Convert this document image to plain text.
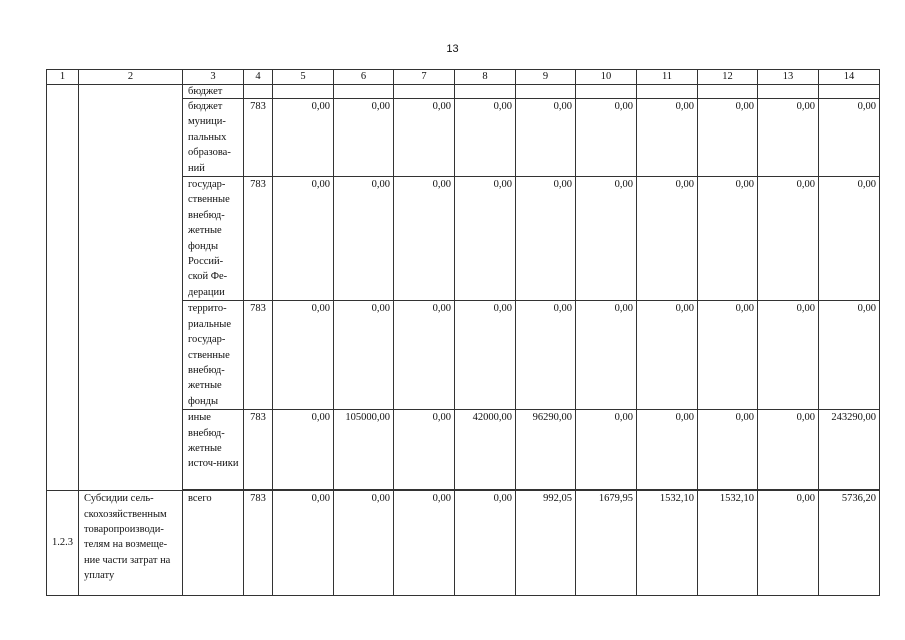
13
1	2	3	4	5	6	7	8	9	10	11	12	13	14
		бюджет											
		бюджет муници-пальных образова-ний	783	0,00	0,00	0,00	0,00	0,00	0,00	0,00	0,00	0,00	0,00
		государ-ственные внебюд-жетные фонды Россий-ской Фе-дерации	783	0,00	0,00	0,00	0,00	0,00	0,00	0,00	0,00	0,00	0,00
		террито-риальные государ-ственные внебюд-жетные фонды	783	0,00	0,00	0,00	0,00	0,00	0,00	0,00	0,00	0,00	0,00
		иные внебюд-жетные источ-ники	783	0,00	105000,00	0,00	42000,00	96290,00	0,00	0,00	0,00	0,00	243290,00

1.2.3	Субсидии сель-скохозяйственным товаропроизводи-телям на возмеще-ние части затрат на уплату	всего	783	0,00	0,00	0,00	0,00	992,05	1679,95	1532,10	1532,10	0,00	5736,20
